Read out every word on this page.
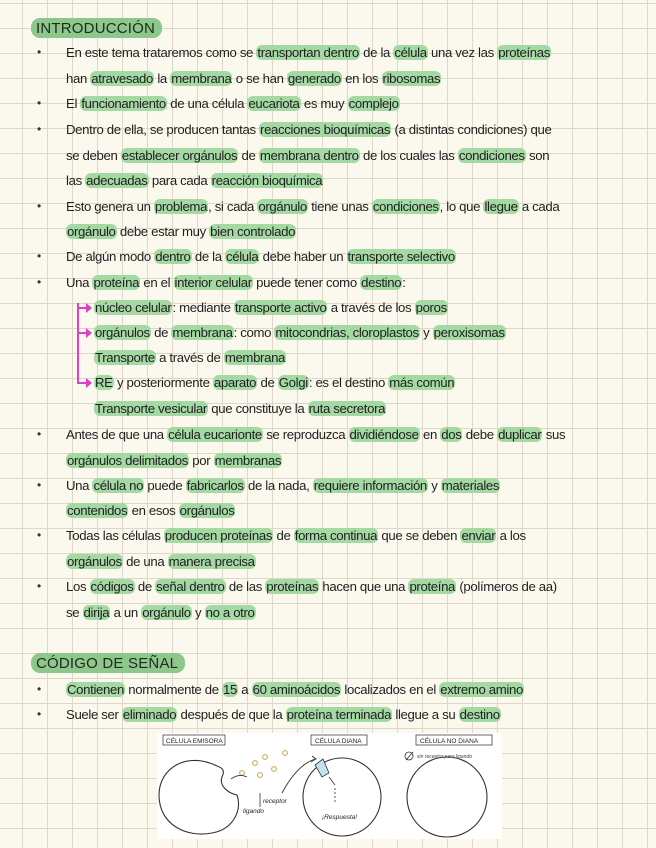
INTRODUCCIÓN
En este tema trataremos como se transportan dentro de la célula una vez las proteínas
•
han atravesado la membrana o se han generado en los ribosomas
El funcionamiento de una célula eucariota es muy complejo
•
Dentro de ella, se producen tantas reacciones bioquímicas (a distintas condiciones) que
•
se deben establecer orgánulos de membrana dentro de los cuales las condiciones son
las adecuadas para cada reacción bioquímica
Esto genera un problema, si cada orgánulo tiene unas condiciones, lo que llegue a cada
•
orgánulo debe estar muy bien controlado
De algún modo dentro de la célula debe haber un transporte selectivo
•
Una proteína en el interior celular puede tener como destino:
•
núcleo celular: mediante transporte activo a través de los poros
orgánulos de membrana: como mitocondrias, cloroplastos y peroxisomas
Transporte a través de membrana
RE y posteriormente aparato de Golgi: es el destino más común
Transporte vesicular que constituye la ruta secretora
Antes de que una célula eucarionte se reproduzca dividiéndose en dos debe duplicar sus
•
orgánulos delimitados por membranas
Una célula no puede fabricarlos de la nada, requiere información y materiales
•
contenidos en esos orgánulos
Todas las células producen proteínas de forma continua que se deben enviar a los
•
orgánulos de una manera precisa
Los códigos de señal dentro de las proteínas hacen que una proteína (polímeros de aa)
•
se dirija a un orgánulo y no a otro
CÓDIGO DE SEÑAL
Contienen normalmente de 15 a 60 aminoácidos localizados en el extremo amino
•
Suele ser eliminado después de que la proteína terminada llegue a su destino
•
CÉLULA EMISORA	CÉLULA DIANA	CÉLULA NO DIANA
receptor
ligando
¡Respuesta!
sin receptor para ligando
